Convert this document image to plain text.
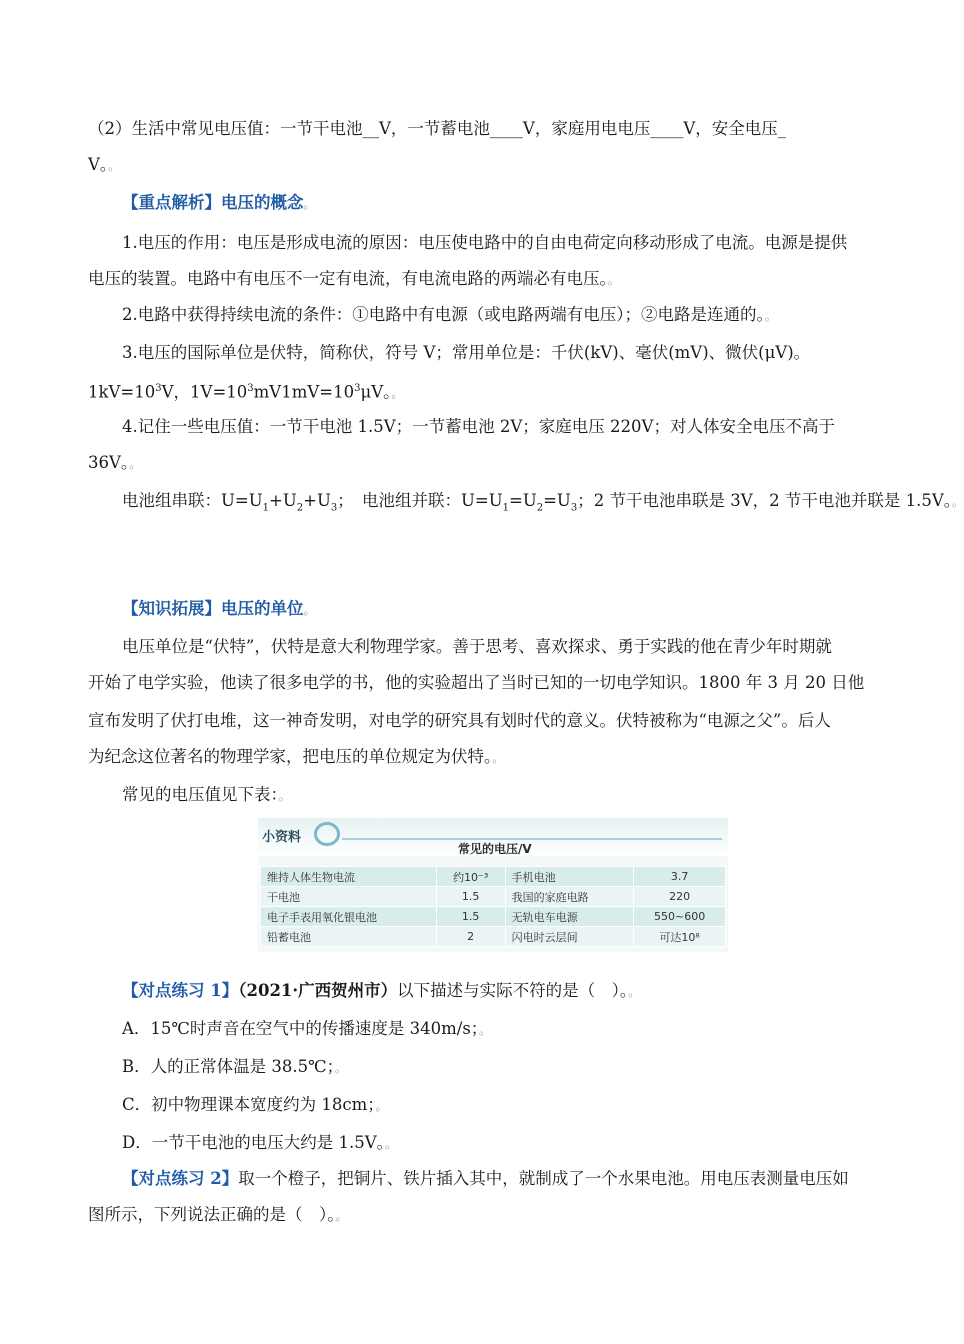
（2）生活中常见电压值：一节干电池__V，一节蓄电池____V，家庭用电电压____V，安全电压_
V。。
【重点解析】电压的概念。
1.电压的作用：电压是形成电流的原因：电压使电路中的自由电荷定向移动形成了电流。电源是提供
电压的装置。电路中有电压不一定有电流，有电流电路的两端必有电压。。
2.电路中获得持续电流的条件：①电路中有电源（或电路两端有电压）；②电路是连通的。。
3.电压的国际单位是伏特，简称伏，符号 V；常用单位是：千伏(kV)、毫伏(mV)、微伏(μV)。
$1kV=10^3V$，$1V=10^3mV1mV=10^3\mu V$。。
4.记住一些电压值：一节干电池 1.5V；一节蓄电池 2V；家庭电压 220V；对人体安全电压不高于
36V。。
电池组串联：$U=U_1+U_2+U_3$；　电池组并联：$U=U_1=U_2=U_3$；2 节干电池串联是 3V，2 节干电池并联是 1.5V。。
【知识拓展】电压的单位。
电压单位是“伏特”，伏特是意大利物理学家。善于思考、喜欢探求、勇于实践的他在青少年时期就
开始了电学实验，他读了很多电学的书，他的实验超出了当时已知的一切电学知识。1800 年 3 月 20 日他
宣布发明了伏打电堆，这一神奇发明，对电学的研究具有划时代的意义。伏特被称为“电源之父”。后人
为纪念这位著名的物理学家，把电压的单位规定为伏特。。
常见的电压值见下表：。
小资料
常见的电压/V
维持人体生物电流	约10⁻³	手机电池	3.7
干电池	1.5	我国的家庭电路	220
电子手表用氧化银电池	1.5	无轨电车电源	550~600
铅蓄电池	2	闪电时云层间	可达10⁸
【对点练习 1】（2021·广西贺州市）以下描述与实际不符的是（　）。。
A．15℃时声音在空气中的传播速度是 340m/s；。
B．人的正常体温是 38.5℃；。
C．初中物理课本宽度约为 18cm；。
D．一节干电池的电压大约是 1.5V。。
【对点练习 2】取一个橙子，把铜片、铁片插入其中，就制成了一个水果电池。用电压表测量电压如
图所示，下列说法正确的是（　）。。
